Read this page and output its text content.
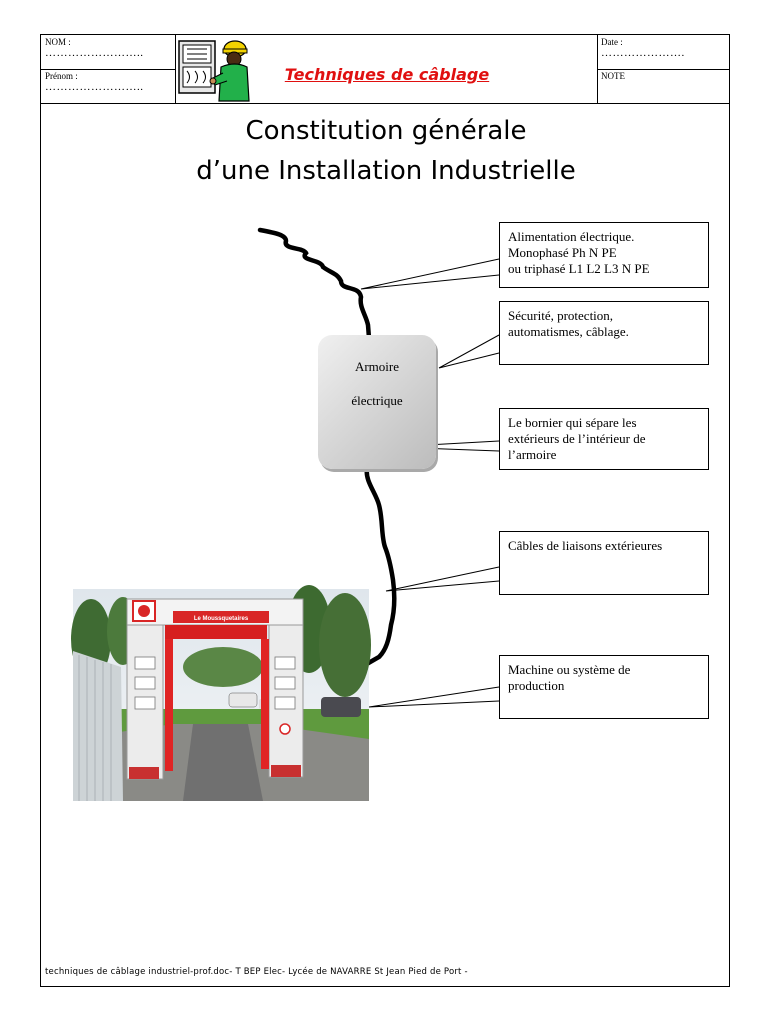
NOM :
……………………..
Prénom :
……………………..
Date :
………………….
NOTE
Techniques de câblage
Constitution générale
d’une Installation Industrielle
Armoire
électrique
Alimentation électrique.
Monophasé Ph N PE
ou triphasé L1 L2 L3 N PE
Sécurité, protection,
automatismes, câblage.
Le bornier qui sépare les
extérieurs de l’intérieur de
l’armoire
Câbles de liaisons extérieures
Machine ou système de
production
Le Moussquetaires
techniques de câblage industriel-prof.doc- T BEP Elec- Lycée de NAVARRE St Jean Pied de Port -
